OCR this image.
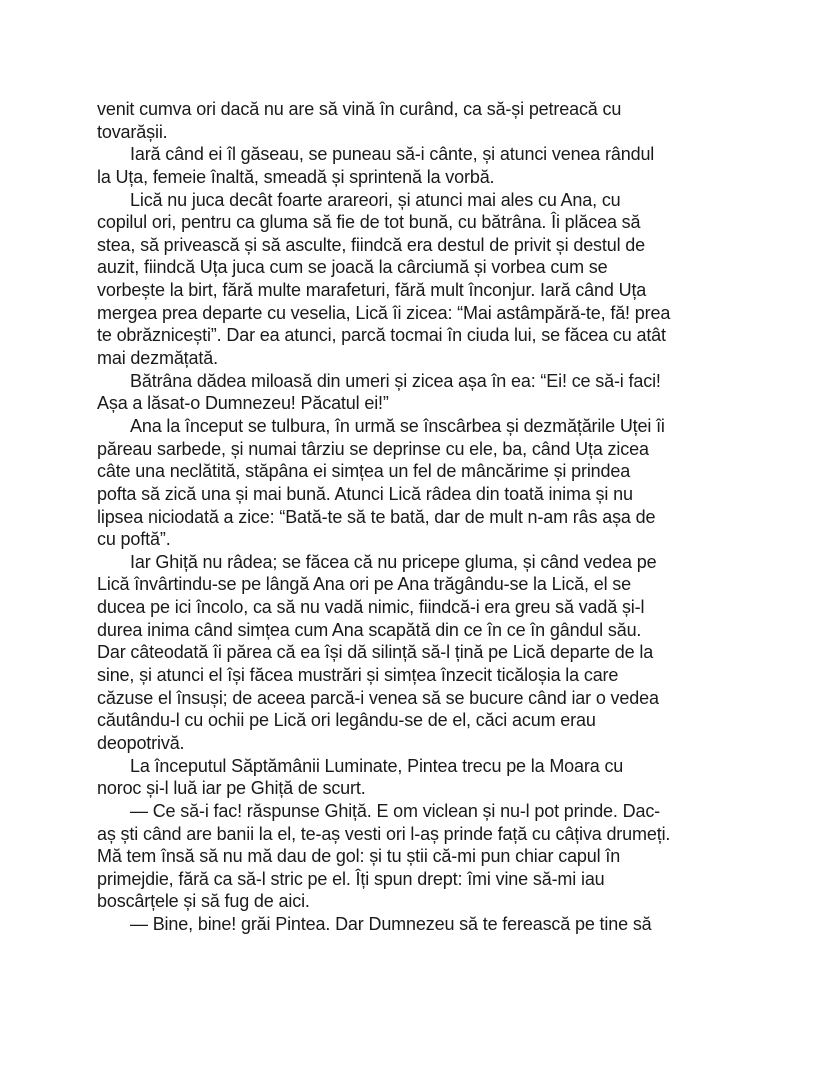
venit cumva ori dacă nu are să vină în curând, ca să-și petreacă cu
tovarășii.
Iară când ei îl găseau, se puneau să-i cânte, și atunci venea rândul
la Uța, femeie înaltă, smeadă și sprintenă la vorbă.
Lică nu juca decât foarte arareori, și atunci mai ales cu Ana, cu
copilul ori, pentru ca gluma să fie de tot bună, cu bătrâna. Îi plăcea să
stea, să privească și să asculte, fiindcă era destul de privit și destul de
auzit, fiindcă Uța juca cum se joacă la cârciumă și vorbea cum se
vorbește la birt, fără multe marafeturi, fără mult înconjur. Iară când Uța
mergea prea departe cu veselia, Lică îi zicea: “Mai astâmpără-te, fă! prea
te obrăznicești”. Dar ea atunci, parcă tocmai în ciuda lui, se făcea cu atât
mai dezmățată.
Bătrâna dădea miloasă din umeri și zicea așa în ea: “Ei! ce să-i faci!
Așa a lăsat-o Dumnezeu! Păcatul ei!”
Ana la început se tulbura, în urmă se înscârbea și dezmățările Uței îi
păreau sarbede, și numai târziu se deprinse cu ele, ba, când Uța zicea
câte una neclătită, stăpâna ei simțea un fel de mâncărime și prindea
pofta să zică una și mai bună. Atunci Lică râdea din toată inima și nu
lipsea niciodată a zice: “Bată-te să te bată, dar de mult n-am râs așa de
cu poftă”.
Iar Ghiță nu râdea; se făcea că nu pricepe gluma, și când vedea pe
Lică învârtindu-se pe lângă Ana ori pe Ana trăgându-se la Lică, el se
ducea pe ici încolo, ca să nu vadă nimic, fiindcă-i era greu să vadă și-l
durea inima când simțea cum Ana scapătă din ce în ce în gândul său.
Dar câteodată îi părea că ea își dă silință să-l țină pe Lică departe de la
sine, și atunci el își făcea mustrări și simțea înzecit ticăloșia la care
căzuse el însuși; de aceea parcă-i venea să se bucure când iar o vedea
căutându-l cu ochii pe Lică ori legându-se de el, căci acum erau
deopotrivă.
La începutul Săptămânii Luminate, Pintea trecu pe la Moara cu
noroc și-l luă iar pe Ghiță de scurt.
— Ce să-i fac! răspunse Ghiță. E om viclean și nu-l pot prinde. Dac-
aș ști când are banii la el, te-aș vesti ori l-aș prinde față cu câțiva drumeți.
Mă tem însă să nu mă dau de gol: și tu știi că-mi pun chiar capul în
primejdie, fără ca să-l stric pe el. Îți spun drept: îmi vine să-mi iau
boscârțele și să fug de aici.
— Bine, bine! grăi Pintea. Dar Dumnezeu să te ferească pe tine să
